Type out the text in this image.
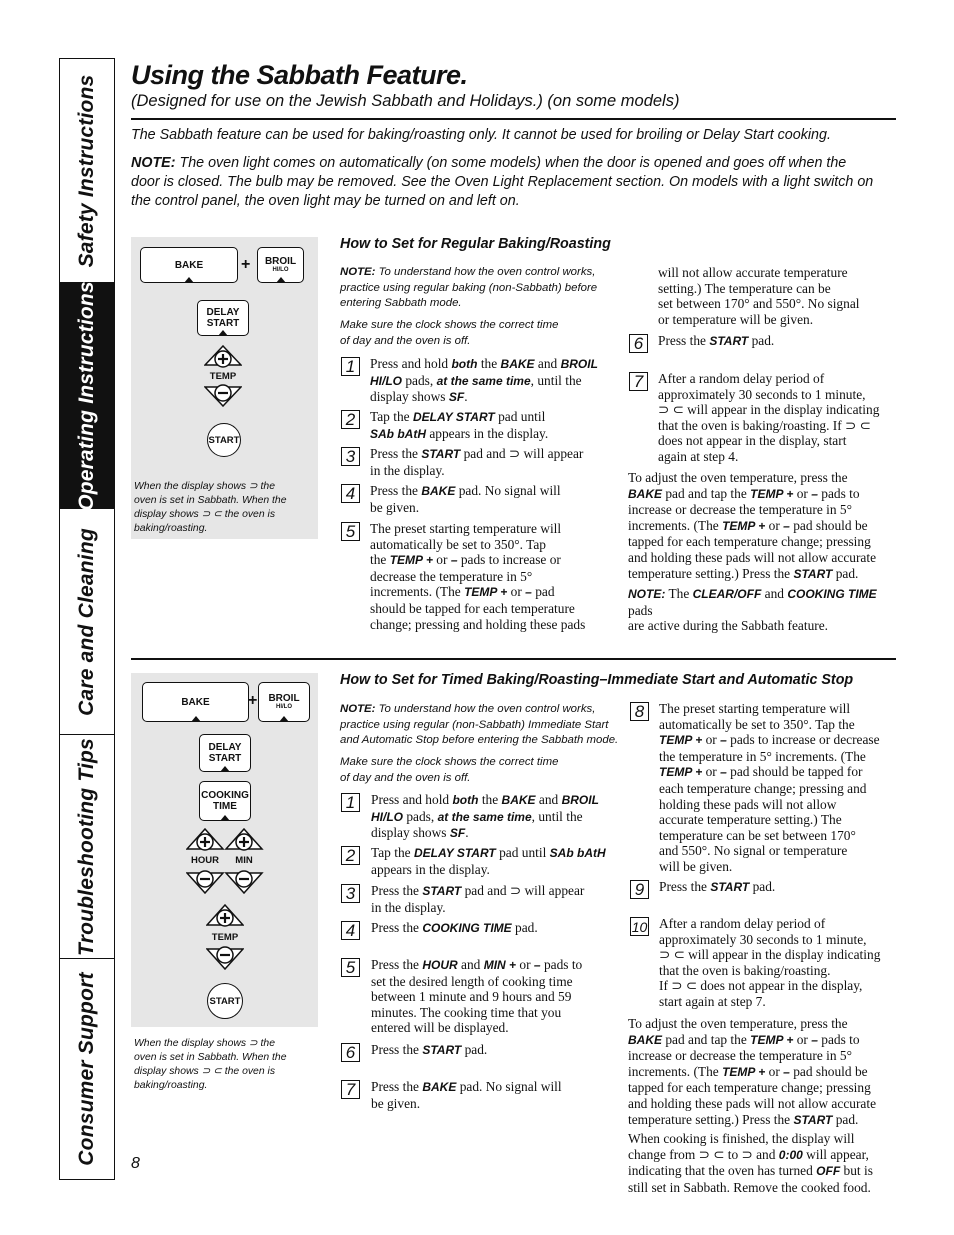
Safety Instructions
Operating Instructions
Care and Cleaning
Troubleshooting Tips
Consumer Support
Using the Sabbath Feature.
(Designed for use on the Jewish Sabbath and Holidays.) (on some models)

The Sabbath feature can be used for baking/roasting only. It cannot be used for broiling or Delay Start cooking.

NOTE: The oven light comes on automatically (on some models) when the door is opened and goes off when the
door is closed. The bulb may be removed. See the Oven Light Replacement section. On models with a light switch on
the control panel, the oven light may be turned on and left on.

BAKE + BROIL
HI/LO
DELAY
START
TEMP
START
When the display shows ⊃ the
oven is set in Sabbath. When the
display shows ⊃ ⊂ the oven is
baking/roasting.
How to Set for Regular Baking/Roasting
NOTE: To understand how the oven control works,
practice using regular baking (non-Sabbath) before
entering Sabbath mode.
Make sure the clock shows the correct time
of day and the oven is off.
1	Press and hold both the BAKE and BROIL
HI/LO pads, at the same time, until the
display shows SF.
2	Tap the DELAY START pad until
SAb bAtH appears in the display.
3	Press the START pad and ⊃ will appear
in the display.
4	Press the BAKE pad. No signal will
be given.
5	The preset starting temperature will
automatically be set to 350°. Tap
the TEMP + or – pads to increase or
decrease the temperature in 5°
increments. (The TEMP + or – pad
should be tapped for each temperature
change; pressing and holding these pads
will not allow accurate temperature
setting.) The temperature can be
set between 170° and 550°. No signal
or temperature will be given.
6	Press the START pad.
7	After a random delay period of
approximately 30 seconds to 1 minute,
⊃ ⊂ will appear in the display indicating
that the oven is baking/roasting. If ⊃ ⊂
does not appear in the display, start
again at step 4.
To adjust the oven temperature, press the
BAKE pad and tap the TEMP + or – pads to
increase or decrease the temperature in 5°
increments. (The TEMP + or – pad should be
tapped for each temperature change; pressing
and holding these pads will not allow accurate
temperature setting.) Press the START pad.
NOTE: The CLEAR/OFF and COOKING TIME pads
are active during the Sabbath feature.
BAKE + BROIL
HI/LO
DELAY
START
COOKING
TIME
HOUR	MIN
TEMP
START
When the display shows ⊃ the
oven is set in Sabbath. When the
display shows ⊃ ⊂ the oven is
baking/roasting.
How to Set for Timed Baking/Roasting–Immediate Start and Automatic Stop
NOTE: To understand how the oven control works,
practice using regular (non-Sabbath) Immediate Start
and Automatic Stop before entering the Sabbath mode.
Make sure the clock shows the correct time
of day and the oven is off.
1	Press and hold both the BAKE and BROIL
HI/LO pads, at the same time, until the
display shows SF.
2	Tap the DELAY START pad until SAb bAtH
appears in the display.
3	Press the START pad and ⊃ will appear
in the display.
4	Press the COOKING TIME pad.
5	Press the HOUR and MIN + or – pads to
set the desired length of cooking time
between 1 minute and 9 hours and 59
minutes. The cooking time that you
entered will be displayed.
6	Press the START pad.
7	Press the BAKE pad. No signal will
be given.
8	The preset starting temperature will
automatically be set to 350°. Tap the
TEMP + or – pads to increase or decrease
the temperature in 5° increments. (The
TEMP + or – pad should be tapped for
each temperature change; pressing and
holding these pads will not allow
accurate temperature setting.) The
temperature can be set between 170°
and 550°. No signal or temperature
will be given.
9	Press the START pad.
10 After a random delay period of
approximately 30 seconds to 1 minute,
⊃ ⊂ will appear in the display indicating
that the oven is baking/roasting.
If ⊃ ⊂ does not appear in the display,
start again at step 7.
To adjust the oven temperature, press the
BAKE pad and tap the TEMP + or – pads to
increase or decrease the temperature in 5°
increments. (The TEMP + or – pad should be
tapped for each temperature change; pressing
and holding these pads will not allow accurate
temperature setting.) Press the START pad.
When cooking is finished, the display will
change from ⊃ ⊂ to ⊃ and 0:00 will appear,
indicating that the oven has turned OFF but is
still set in Sabbath. Remove the cooked food.
8
